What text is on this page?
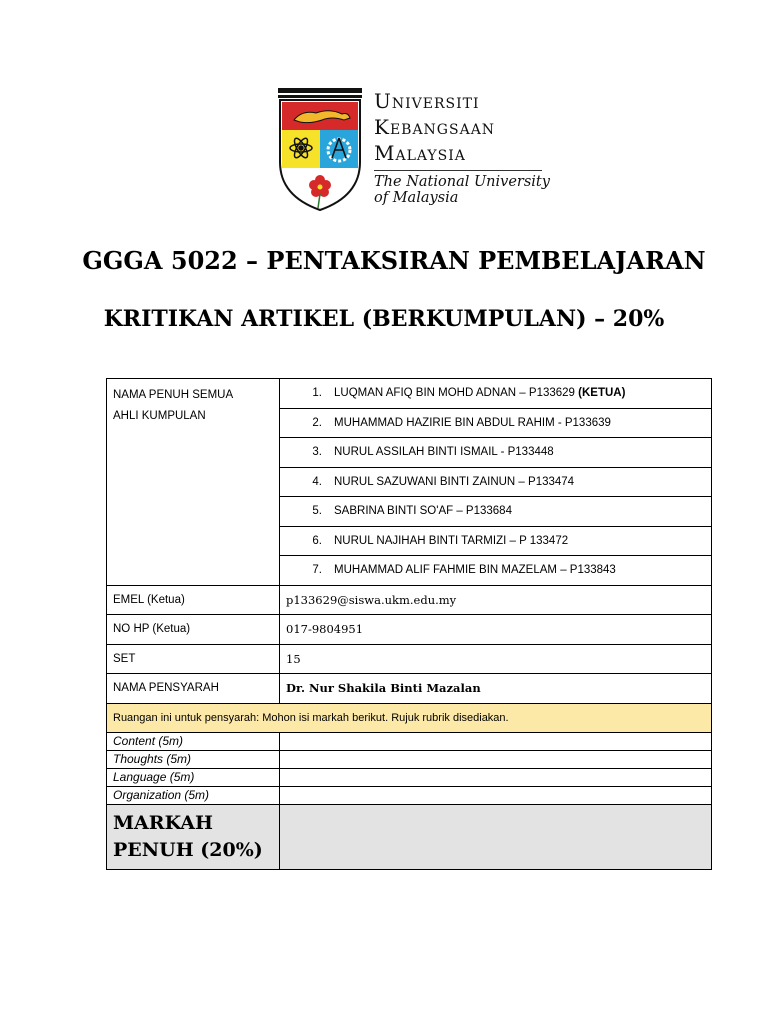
Universiti
Kebangsaan
Malaysia
The National University
of Malaysia
GGGA 5022 – PENTAKSIRAN PEMBELAJARAN
KRITIKAN ARTIKEL (BERKUMPULAN) – 20%
NAMA PENUH SEMUA
AHLI KUMPULAN	1. LUQMAN AFIQ BIN MOHD ADNAN – P133629 (KETUA)
	2. MUHAMMAD HAZIRIE BIN ABDUL RAHIM - P133639
	3. NURUL ASSILAH BINTI ISMAIL - P133448
	4. NURUL SAZUWANI BINTI ZAINUN – P133474
	5. SABRINA BINTI SO'AF – P133684
	6. NURUL NAJIHAH BINTI TARMIZI – P 133472
	7. MUHAMMAD ALIF FAHMIE BIN MAZELAM – P133843
EMEL (Ketua)	p133629@siswa.ukm.edu.my
NO HP (Ketua)	017-9804951
SET	15
NAMA PENSYARAH	Dr. Nur Shakila Binti Mazalan
Ruangan ini untuk pensyarah: Mohon isi markah berikut. Rujuk rubrik disediakan.	
Content (5m)	
Thoughts (5m)	
Language (5m)	
Organization (5m)	

MARKAH
PENUH (20%)	
